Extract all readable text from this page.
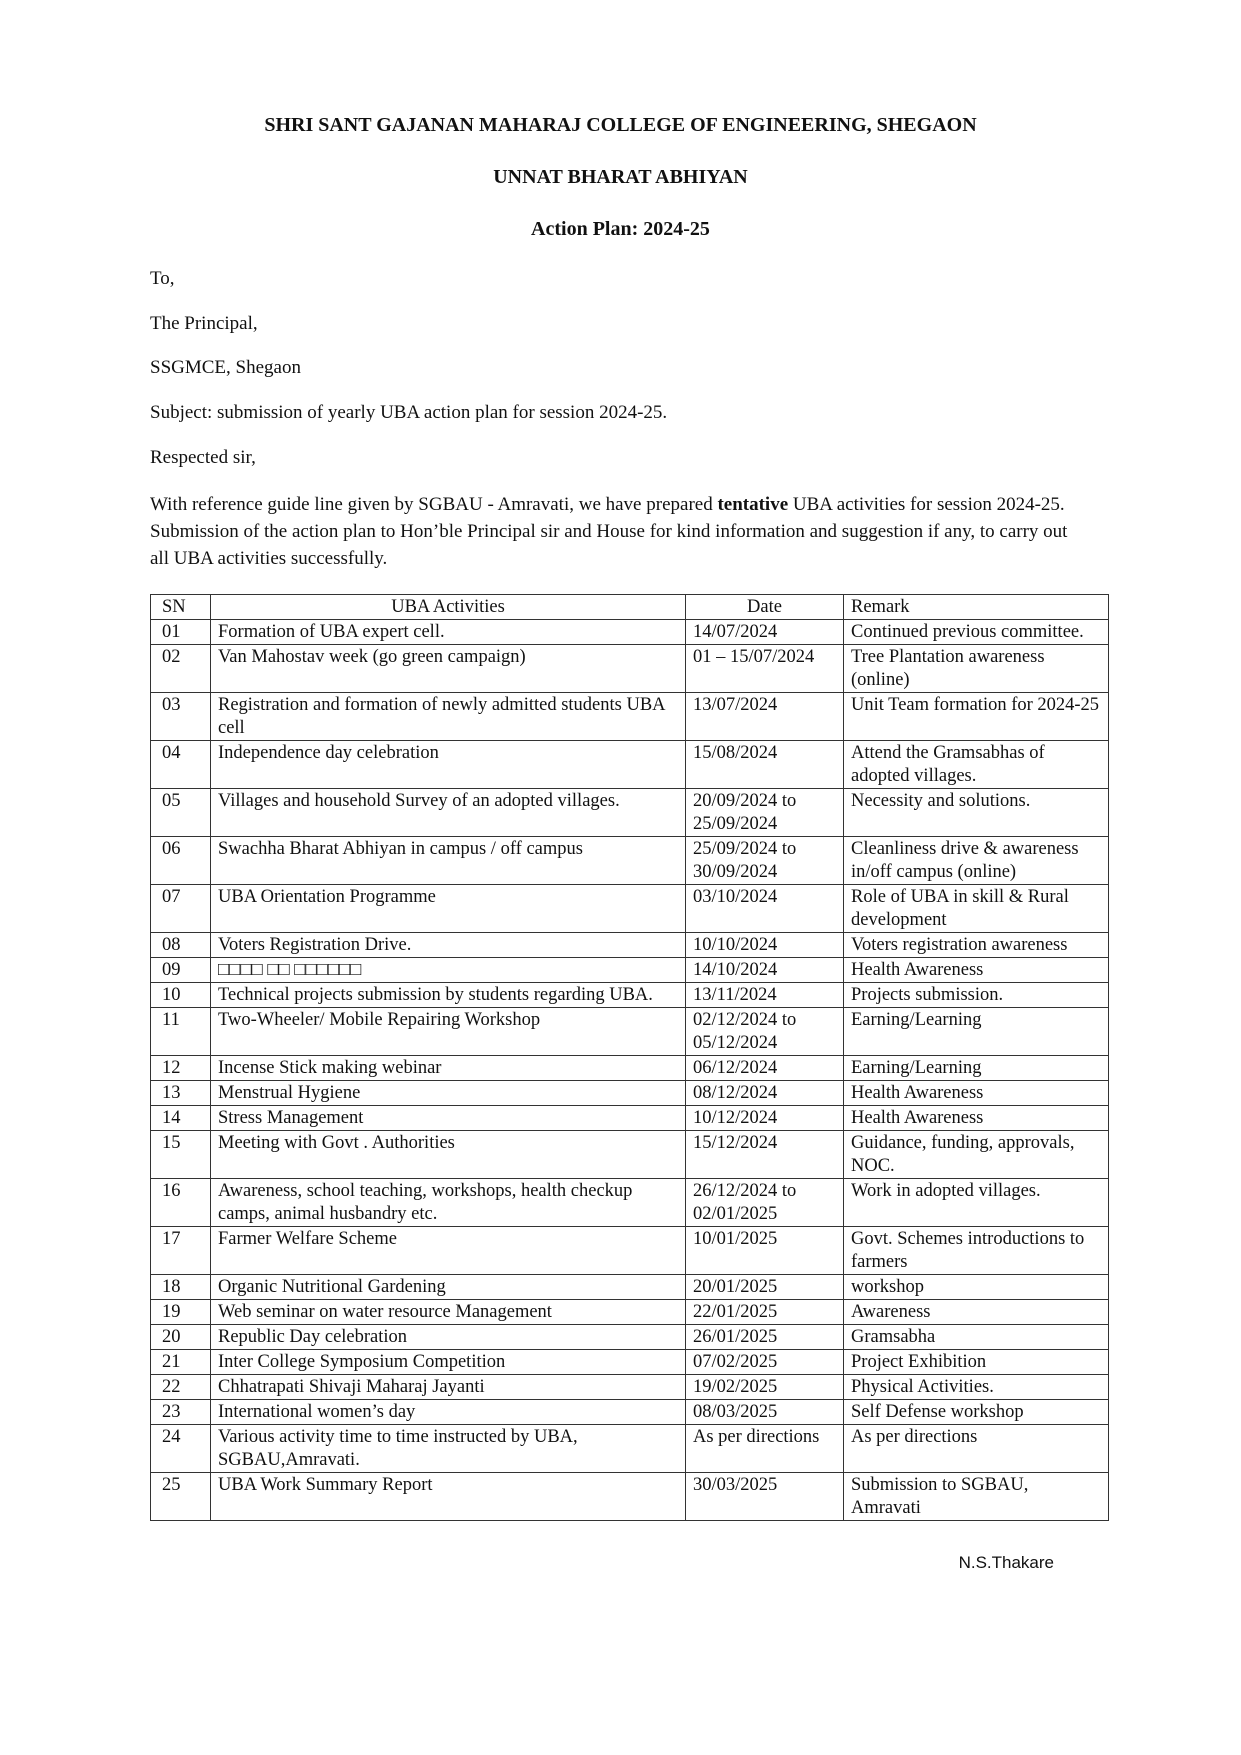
SHRI SANT GAJANAN MAHARAJ COLLEGE OF ENGINEERING, SHEGAON

UNNAT BHARAT ABHIYAN

Action Plan: 2024-25

To,

The Principal,

SSGMCE, Shegaon

Subject: submission of yearly UBA action plan for session 2024-25.

Respected sir,

With reference guide line given by SGBAU - Amravati, we have prepared tentative UBA activities for session 2024-25. Submission of the action plan to Hon’ble Principal sir and House for kind information and suggestion if any, to carry out all UBA activities successfully.

SN	UBA Activities	Date	Remark
01	Formation of UBA expert cell.	14/07/2024	Continued previous committee.
02	Van Mahostav week (go green campaign)	01 – 15/07/2024	Tree Plantation awareness (online)
03	Registration and formation of newly admitted students UBA cell	13/07/2024	Unit Team formation for 2024-25
04	Independence day celebration	15/08/2024	Attend the Gramsabhas of adopted villages.
05	Villages and household Survey of an adopted villages.	20/09/2024 to 25/09/2024	Necessity and solutions.
06	Swachha Bharat Abhiyan in campus / off campus	25/09/2024 to 30/09/2024	Cleanliness drive & awareness in/off campus (online)
07	UBA Orientation Programme	03/10/2024	Role of UBA in skill & Rural development
08	Voters Registration Drive.	10/10/2024	Voters registration awareness
09	□□□□ □□ □□□□□□	14/10/2024	Health Awareness
10	Technical projects submission by students regarding UBA.	13/11/2024	Projects submission.
11	Two-Wheeler/ Mobile Repairing Workshop	02/12/2024 to 05/12/2024	Earning/Learning
12	Incense Stick making webinar	06/12/2024	Earning/Learning
13	Menstrual Hygiene	08/12/2024	Health Awareness
14	Stress Management	10/12/2024	Health Awareness
15	Meeting with Govt . Authorities	15/12/2024	Guidance, funding, approvals, NOC.
16	Awareness, school teaching, workshops, health checkup camps, animal husbandry etc.	26/12/2024 to 02/01/2025	Work in adopted villages.
17	Farmer Welfare Scheme	10/01/2025	Govt. Schemes introductions to farmers
18	Organic Nutritional Gardening	20/01/2025	workshop
19	Web seminar on water resource Management	22/01/2025	Awareness
20	Republic Day celebration	26/01/2025	Gramsabha
21	Inter College Symposium Competition	07/02/2025	Project Exhibition
22	Chhatrapati Shivaji Maharaj Jayanti	19/02/2025	Physical Activities.
23	International women’s day	08/03/2025	Self Defense workshop
24	Various activity time to time instructed by UBA, SGBAU,Amravati.	As per directions	As per directions
25	UBA Work Summary Report	30/03/2025	Submission to SGBAU, Amravati

N.S.Thakare
